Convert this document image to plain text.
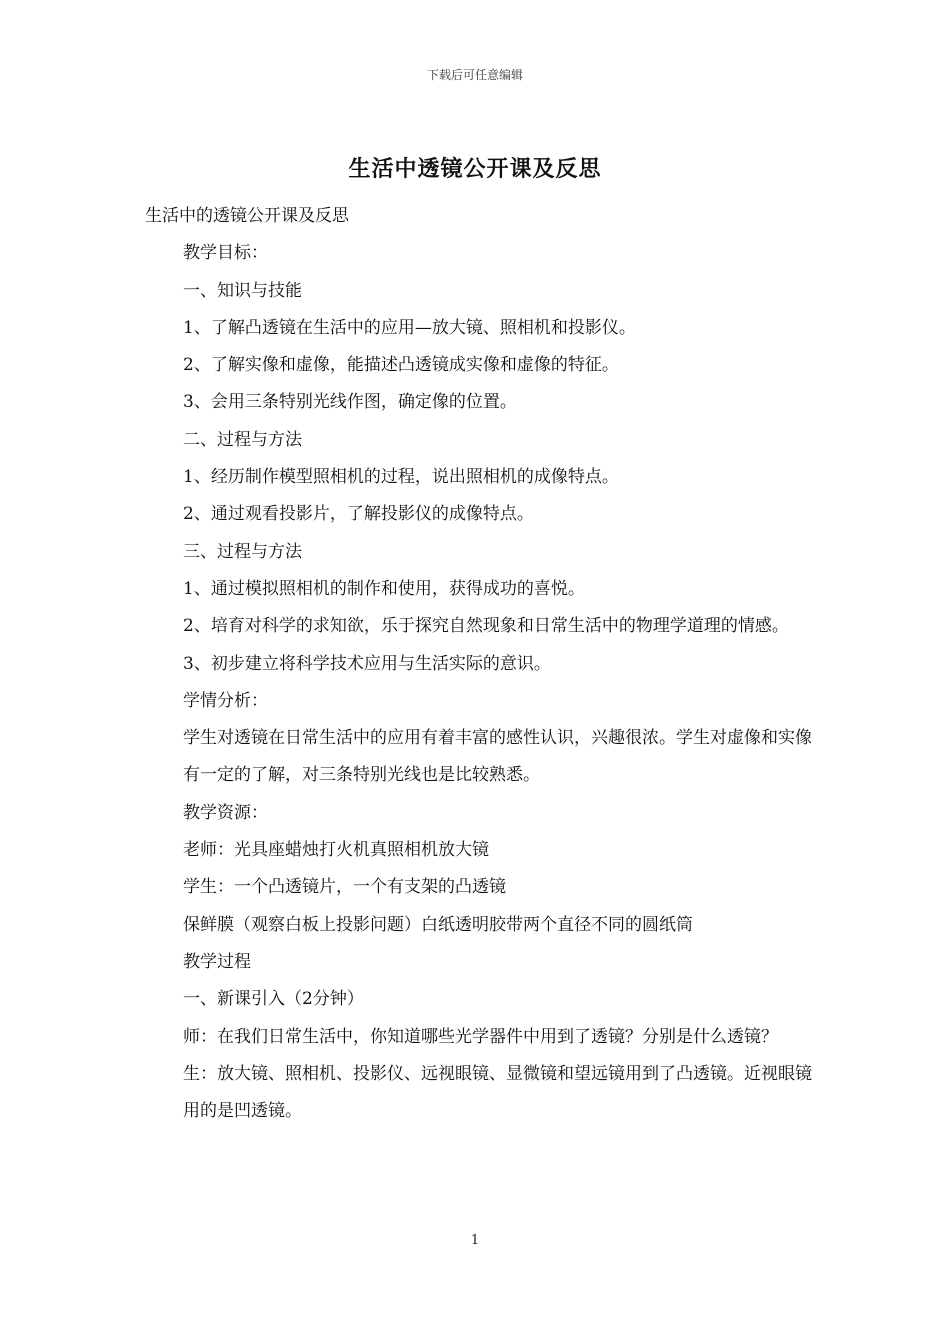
下载后可任意编辑
生活中透镜公开课及反思

生活中的透镜公开课及反思

教学目标：

一、知识与技能

1、了解凸透镜在生活中的应用—放大镜、照相机和投影仪。

2、了解实像和虚像，能描述凸透镜成实像和虚像的特征。

3、会用三条特别光线作图，确定像的位置。

二、过程与方法

1、经历制作模型照相机的过程，说出照相机的成像特点。

2、通过观看投影片，了解投影仪的成像特点。

三、过程与方法

1、通过模拟照相机的制作和使用，获得成功的喜悦。

2、培育对科学的求知欲，乐于探究自然现象和日常生活中的物理学道理的情感。

3、初步建立将科学技术应用与生活实际的意识。

学情分析：

学生对透镜在日常生活中的应用有着丰富的感性认识，兴趣很浓。学生对虚像和实像有一定的了解，对三条特别光线也是比较熟悉。

教学资源：

老师：光具座蜡烛打火机真照相机放大镜

学生：一个凸透镜片，一个有支架的凸透镜

保鲜膜（观察白板上投影问题）白纸透明胶带两个直径不同的圆纸筒

教学过程

一、新课引入（2分钟）

师：在我们日常生活中，你知道哪些光学器件中用到了透镜？分别是什么透镜？

生：放大镜、照相机、投影仪、远视眼镜、显微镜和望远镜用到了凸透镜。近视眼镜用的是凹透镜。

1
